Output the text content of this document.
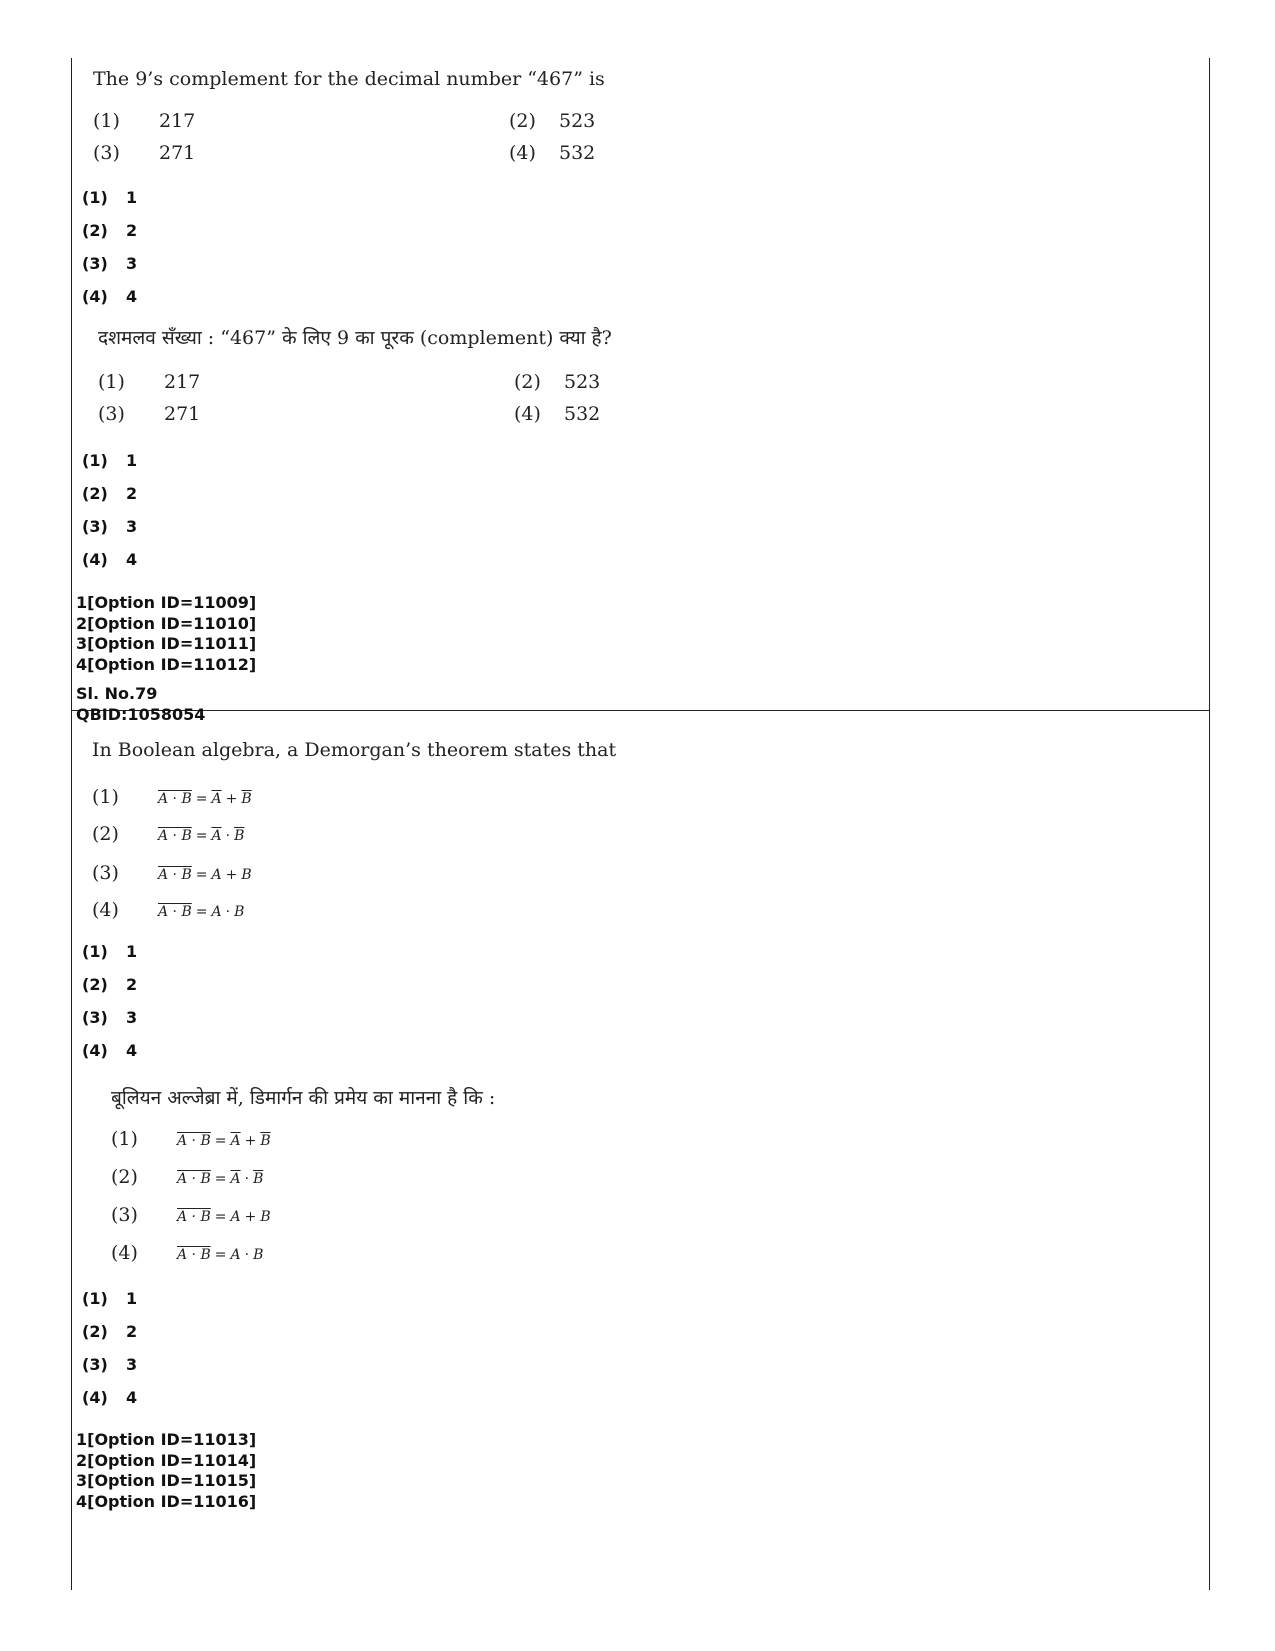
The 9’s complement for the decimal number “467” is
(1) 217	(2) 523
(3) 271	(4) 532
(1) 1
(2) 2
(3) 3
(4) 4
दशमलव सँख्या : “467” के लिए 9 का पूरक (complement) क्या है?
(1) 217	(2) 523
(3) 271	(4) 532
(1) 1
(2) 2
(3) 3
(4) 4
1[Option ID=11009]
2[Option ID=11010]
3[Option ID=11011]
4[Option ID=11012]
Sl. No.79
QBID:1058054
In Boolean algebra, a Demorgan’s theorem states that
(1)	$A \cdot B = \overline{A} + \overline{B}$
(2)	$A \cdot B = \overline{A} \cdot \overline{B}$
(3)	A · B = A + B
(4)	A · B = A · B
(1) 1
(2) 2
(3) 3
(4) 4
बूलियन अल्जेब्रा में, डिमार्गन की प्रमेय का मानना है कि :
(1)	$A \cdot B = \overline{A} + \overline{B}$
(2)	$A \cdot B = \overline{A} \cdot \overline{B}$
(3)	A · B = A + B
(4)	A · B = A · B
(1) 1
(2) 2
(3) 3
(4) 4
1[Option ID=11013]
2[Option ID=11014]
3[Option ID=11015]
4[Option ID=11016]
